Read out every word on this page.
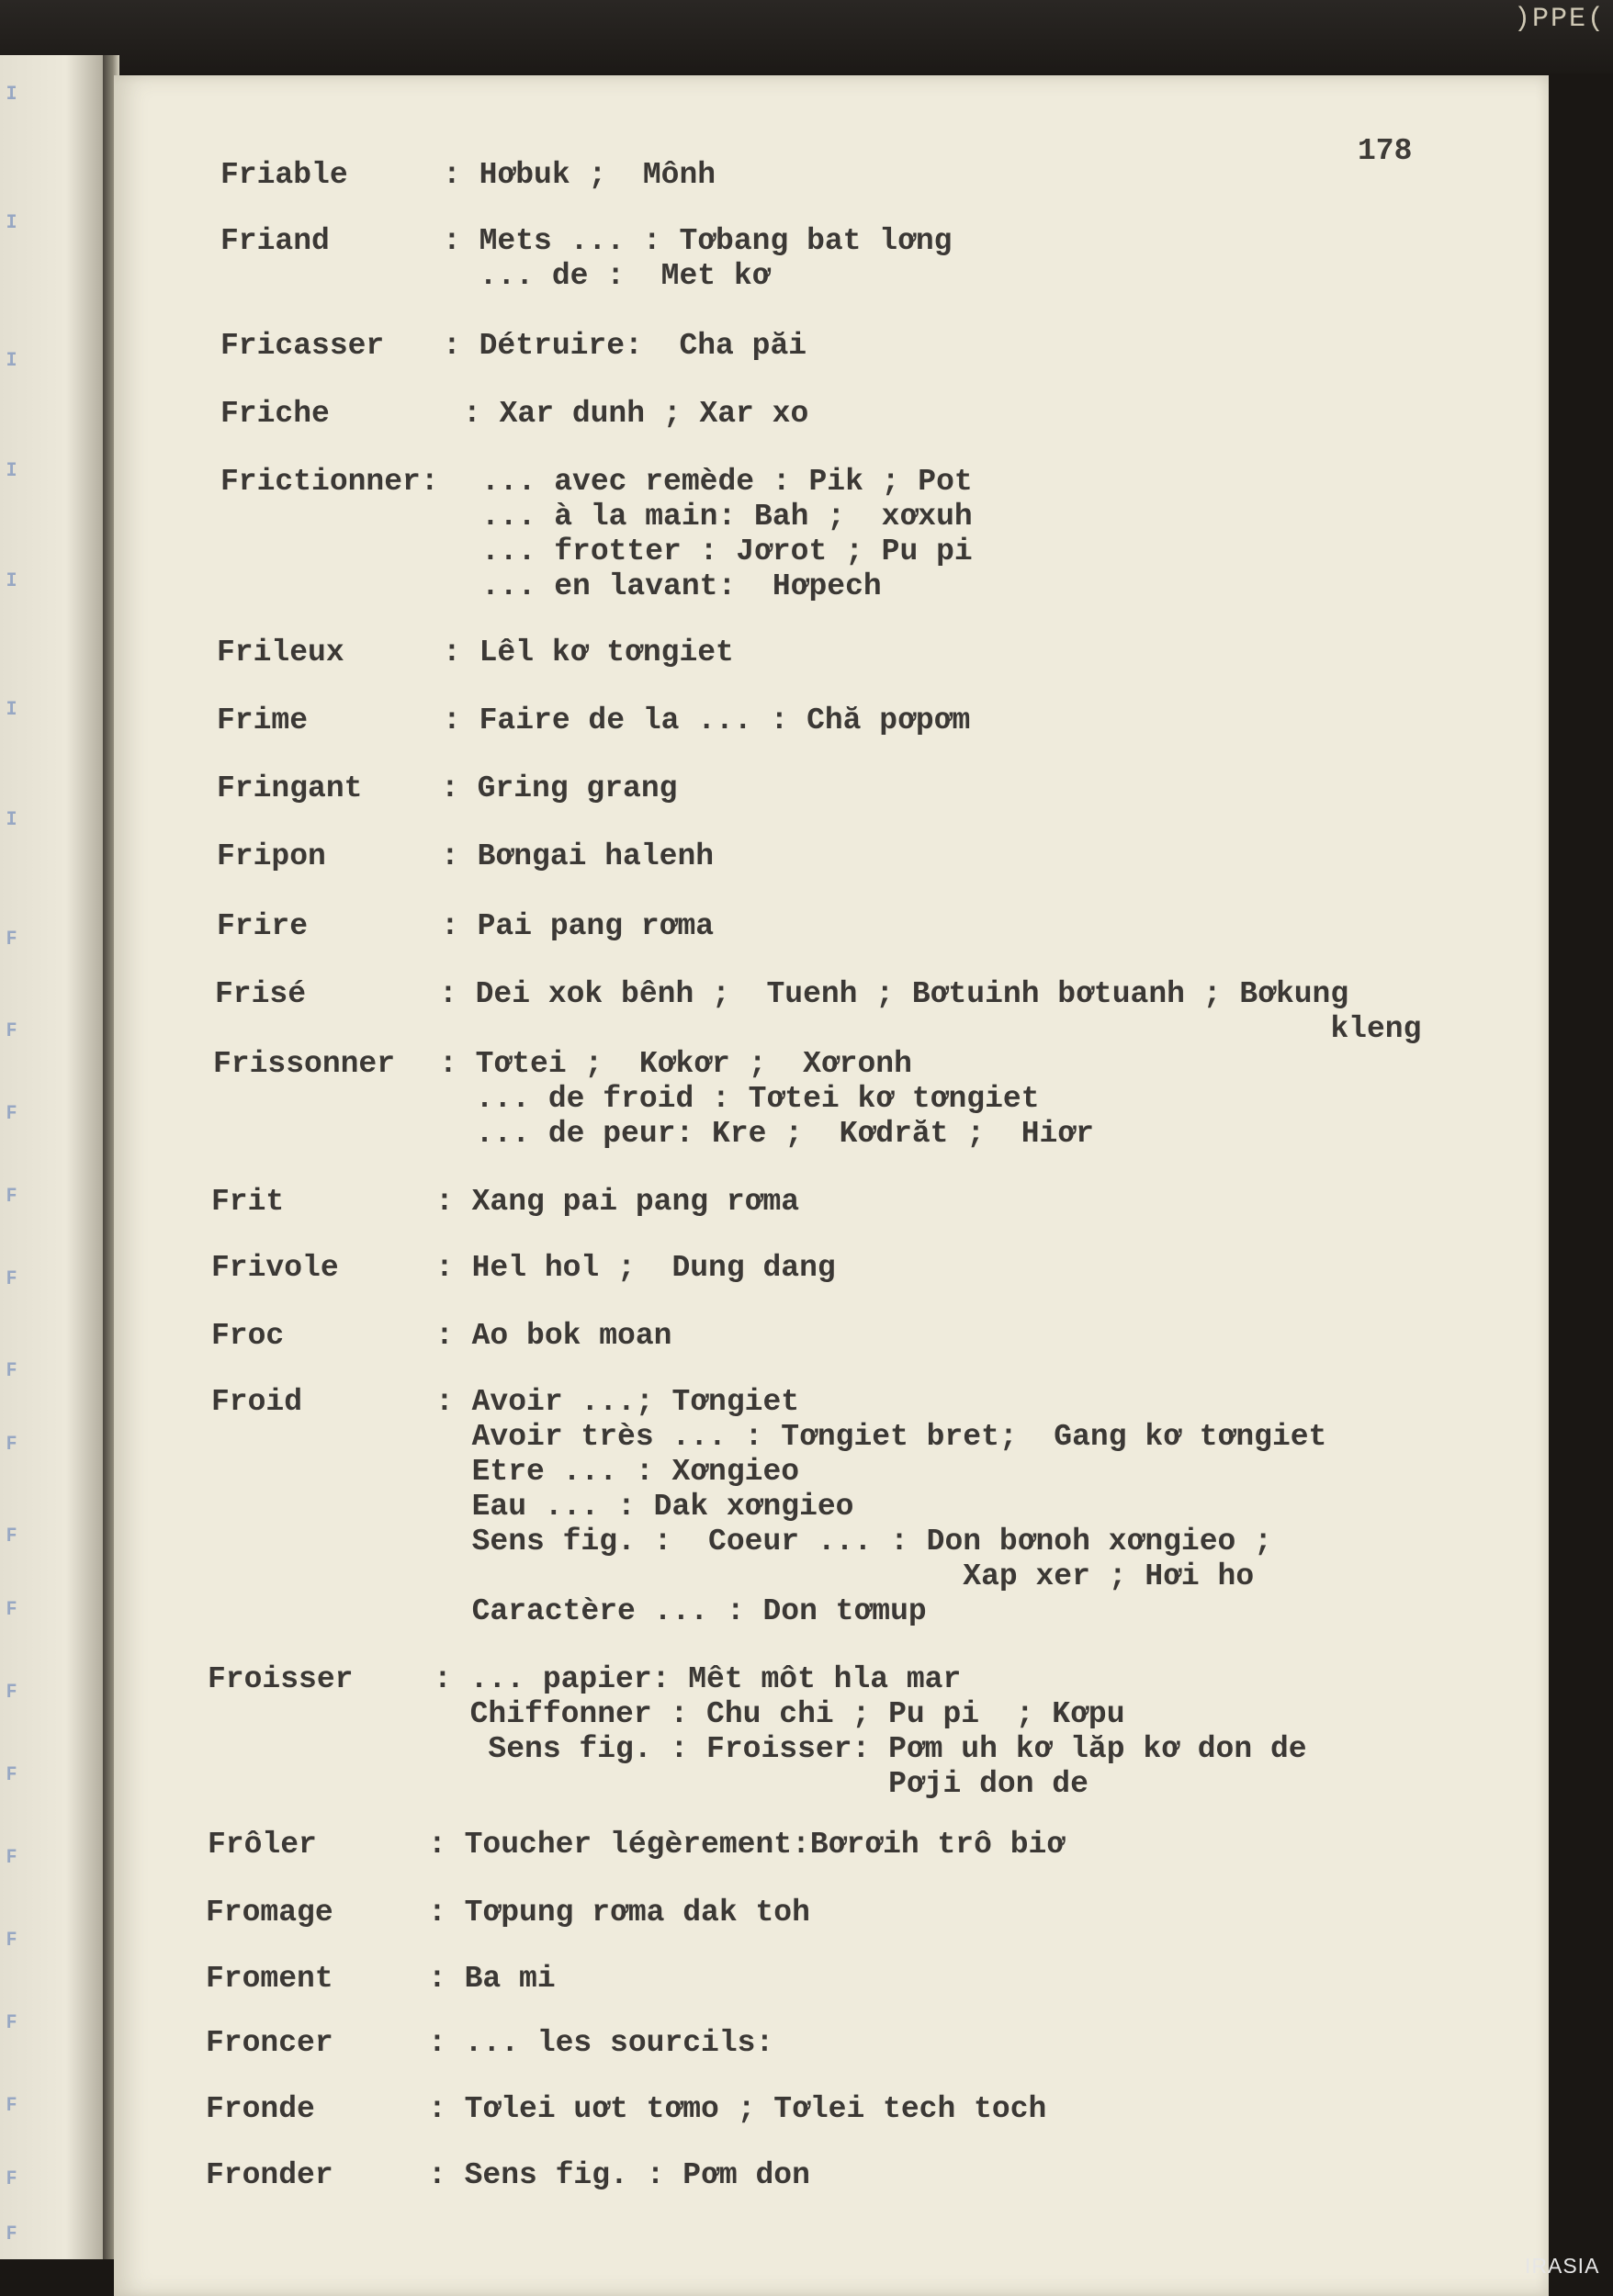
)PPE(
I
I
I
I
I
I
I
F
F
F
F
F
F
F
F
F
F
F
F
F
F
F
F
F
178
Friable	: Hơbuk ;  Mônh
Friand	: Mets ... : Tơbang bat lơng
... de :  Met kơ
Fricasser : Détruire:  Cha păi
Friche	: Xar dunh ; Xar xo
Frictionner: ... avec remède : Pik ; Pot
... à la main: Bah ;  xơxuh
... frotter : Jơrot ; Pu pi
... en lavant:  Hơpech
Frileux	: Lêl kơ tơngiet
Frime	: Faire de la ... : Chă pơpơm
Fringant	: Gring grang
Fripon	: Bơngai halenh
Frire	: Pai pang rơma
Frisé	: Dei xok bênh ;  Tuenh ; Bơtuinh bơtuanh ; Bơkung
kleng
Frissonner : Tơtei ;  Kơkơr ;  Xơronh
... de froid : Tơtei kơ tơngiet
... de peur: Kre ;  Kơdrăt ;  Hiơr
Frit	: Xang pai pang rơma
Frivole	: Hel hol ;  Dung dang
Froc	: Ao bok moan
Froid	: Avoir ...; Tơngiet
Avoir très ... : Tơngiet bret;  Gang kơ tơngiet
Etre ... : Xơngieo
Eau ... : Dak xơngieo
Sens fig. :  Coeur ... : Don bơnoh xơngieo ;
Xap xer ; Hơi ho
Caractère ... : Don tơmup
Froisser	: ... papier: Mêt môt hla mar
Chiffonner : Chu chi ; Pu pi  ; Kơpu
Sens fig. : Froisser: Pơm uh kơ lăp kơ don de
Pơji don de
Frôler	: Toucher légèrement:Bơrơih trô biơ
Fromage	: Tơpung rơma dak toh
Froment	: Ba mi
Froncer	: ... les sourcils:
Fronde	: Tơlei uơt tơmo ; Tơlei tech toch
Fronder	: Sens fig. : Pơm don
IRASIA
